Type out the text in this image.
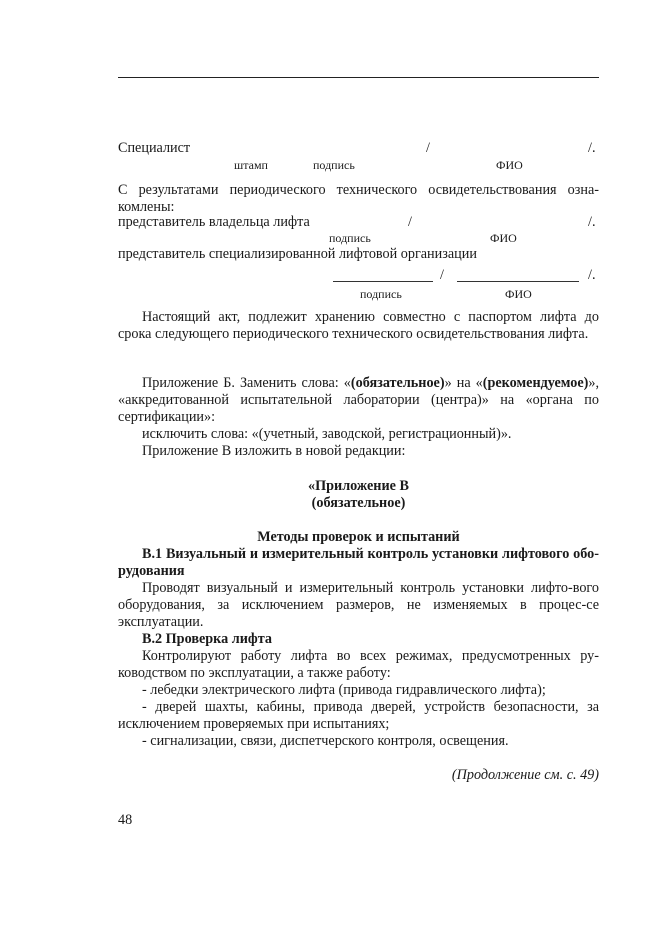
Специалист	/	/.
штамп	подпись	ФИО
С результатами периодического технического освидетельствования озна-комлены:
представитель владельца лифта	/	/.
подпись	ФИО
представитель специализированной лифтовой организации
/	/.
подпись	ФИО
Настоящий акт, подлежит хранению совместно с паспортом лифта до срока следующего периодического технического освидетельствования лифта.
Приложение Б. Заменить слова: «(обязательное)» на «(рекомендуемое)», «аккредитованной испытательной лаборатории (центра)» на «органа по сертификации»:
исключить слова: «(учетный, заводской, регистрационный)».
Приложение В изложить в новой редакции:
«Приложение В
(обязательное)
Методы проверок и испытаний
В.1 Визуальный и измерительный контроль установки лифтового обо-рудования
Проводят визуальный и измерительный контроль установки лифто-вого оборудования, за исключением размеров, не изменяемых в процес-се эксплуатации.
В.2 Проверка лифта
Контролируют работу лифта во всех режимах, предусмотренных ру-ководством по эксплуатации, а также работу:
- лебедки электрического лифта (привода гидравлического лифта);
- дверей шахты, кабины, привода дверей, устройств безопасности, за исключением проверяемых при испытаниях;
- сигнализации, связи, диспетчерского контроля, освещения.
(Продолжение см. с. 49)
48
